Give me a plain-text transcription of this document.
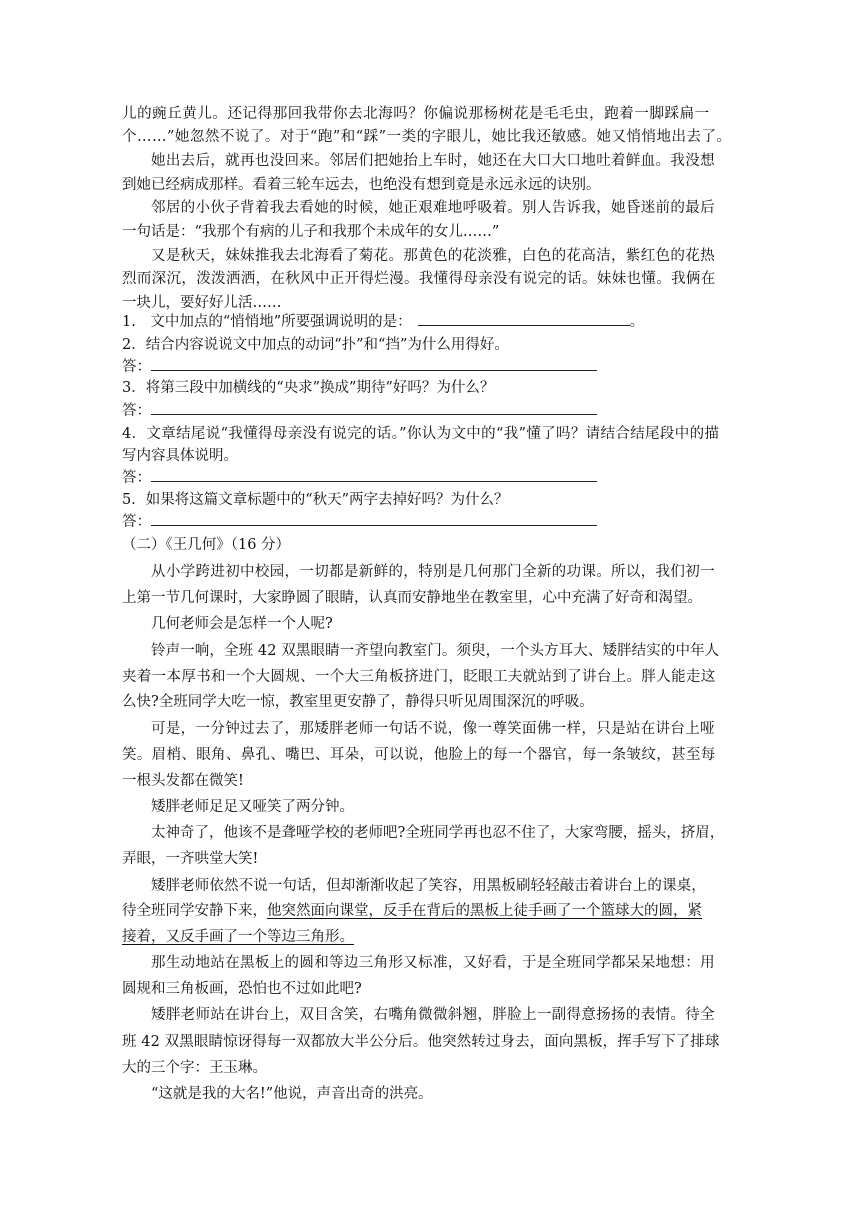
儿的豌丘黄儿。还记得那回我带你去北海吗？你偏说那杨树花是毛毛虫，跑着一脚踩扁一
个……”她忽然不说了。对于“跑”和“踩”一类的字眼儿，她比我还敏感。她又悄悄地出去了。
她出去后，就再也没回来。邻居们把她抬上车时，她还在大口大口地吐着鲜血。我没想
到她已经病成那样。看着三轮车远去，也绝没有想到竟是永远永远的诀别。
邻居的小伙子背着我去看她的时候，她正艰难地呼吸着。别人告诉我，她昏迷前的最后
一句话是：“我那个有病的儿子和我那个未成年的女儿……”
又是秋天，妹妹推我去北海看了菊花。那黄色的花淡雅，白色的花高洁，紫红色的花热
烈而深沉，泼泼洒洒，在秋风中正开得烂漫。我懂得母亲没有说完的话。妹妹也懂。我俩在
一块儿，要好好儿活……
1.　文中加点的“悄悄地”所要强调说明的是：	。
2．结合内容说说文中加点的动词“扑”和“挡”为什么用得好。
答：
3．将第三段中加横线的“央求”换成”期待”好吗？为什么？
答：
4．文章结尾说“我懂得母亲没有说完的话。”你认为文中的“我”懂了吗？请结合结尾段中的描
写内容具体说明。
答：
5．如果将这篇文章标题中的“秋天”两字去掉好吗？为什么？
答：
（二）《王几何》（16 分）
从小学跨进初中校园，一切都是新鲜的，特别是几何那门全新的功课。所以，我们初一
上第一节几何课时，大家睁圆了眼睛，认真而安静地坐在教室里，心中充满了好奇和渴望。
几何老师会是怎样一个人呢?
铃声一响，全班 42 双黑眼睛一齐望向教室门。须臾，一个头方耳大、矮胖结实的中年人
夹着一本厚书和一个大圆规、一个大三角板挤进门，眨眼工夫就站到了讲台上。胖人能走这
么快?全班同学大吃一惊，教室里更安静了，静得只听见周围深沉的呼吸。
可是，一分钟过去了，那矮胖老师一句话不说，像一尊笑面佛一样，只是站在讲台上哑
笑。眉梢、眼角、鼻孔、嘴巴、耳朵，可以说，他脸上的每一个器官，每一条皱纹，甚至每
一根头发都在微笑!
矮胖老师足足又哑笑了两分钟。
太神奇了，他该不是聋哑学校的老师吧?全班同学再也忍不住了，大家弯腰，摇头，挤眉，
弄眼，一齐哄堂大笑!
矮胖老师依然不说一句话，但却渐渐收起了笑容，用黑板刷轻轻敲击着讲台上的课桌，
待全班同学安静下来，他突然面向课堂，反手在背后的黑板上徒手画了一个篮球大的圆，紧
接着，又反手画了一个等边三角形。
那生动地站在黑板上的圆和等边三角形又标准，又好看，于是全班同学都呆呆地想：用
圆规和三角板画，恐怕也不过如此吧?
矮胖老师站在讲台上，双目含笑，右嘴角微微斜翘，胖脸上一副得意扬扬的表情。待全
班 42 双黑眼睛惊讶得每一双都放大半公分后。他突然转过身去，面向黑板，挥手写下了排球
大的三个字：王玉琳。
“这就是我的大名!”他说，声音出奇的洪亮。
